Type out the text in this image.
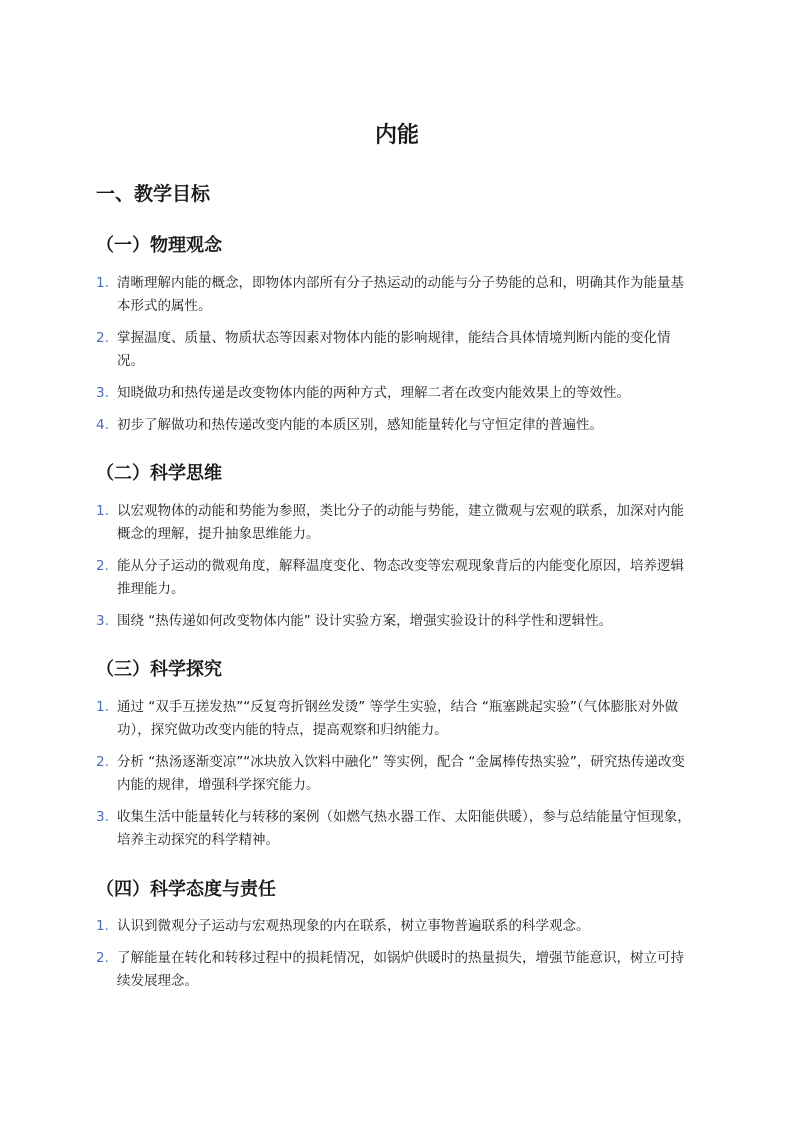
内能
一、教学目标
（一）物理观念
1. 清晰理解内能的概念，即物体内部所有分子热运动的动能与分子势能的总和，明确其作为能量基本形式的属性。
2. 掌握温度、质量、物质状态等因素对物体内能的影响规律，能结合具体情境判断内能的变化情况。
3. 知晓做功和热传递是改变物体内能的两种方式，理解二者在改变内能效果上的等效性。
4. 初步了解做功和热传递改变内能的本质区别，感知能量转化与守恒定律的普遍性。
（二）科学思维
1. 以宏观物体的动能和势能为参照，类比分子的动能与势能，建立微观与宏观的联系，加深对内能概念的理解，提升抽象思维能力。
2. 能从分子运动的微观角度，解释温度变化、物态改变等宏观现象背后的内能变化原因，培养逻辑推理能力。
3. 围绕 “热传递如何改变物体内能” 设计实验方案，增强实验设计的科学性和逻辑性。
（三）科学探究
1. 通过 “双手互搓发热”“反复弯折钢丝发烫” 等学生实验，结合 “瓶塞跳起实验”（气体膨胀对外做功），探究做功改变内能的特点，提高观察和归纳能力。
2. 分析 “热汤逐渐变凉”“冰块放入饮料中融化” 等实例，配合 “金属棒传热实验”，研究热传递改变内能的规律，增强科学探究能力。
3. 收集生活中能量转化与转移的案例（如燃气热水器工作、太阳能供暖），参与总结能量守恒现象，培养主动探究的科学精神。
（四）科学态度与责任
1. 认识到微观分子运动与宏观热现象的内在联系，树立事物普遍联系的科学观念。
2. 了解能量在转化和转移过程中的损耗情况，如锅炉供暖时的热量损失，增强节能意识，树立可持续发展理念。
